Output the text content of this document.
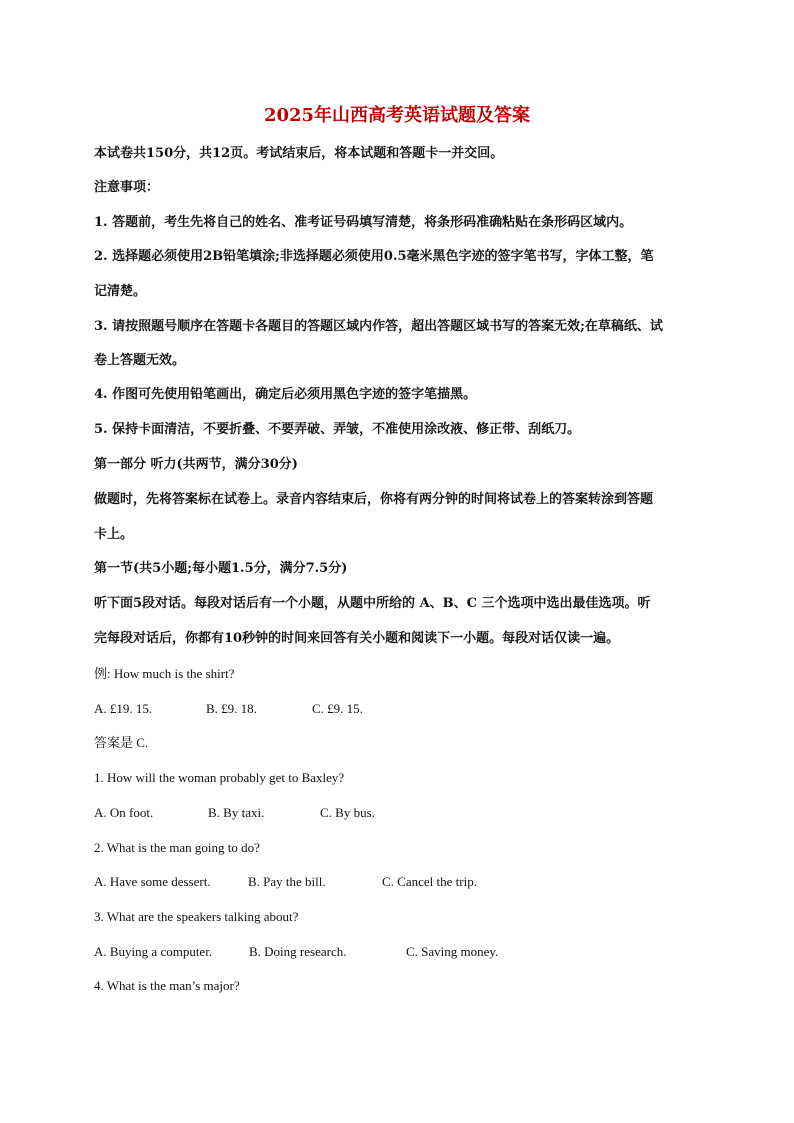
2025年山西高考英语试题及答案

本试卷共150分，共12页。考试结束后，将本试题和答题卡一并交回。

注意事项：

1. 答题前，考生先将自己的姓名、准考证号码填写清楚，将条形码准确粘贴在条形码区域内。

2. 选择题必须使用2B铅笔填涂;非选择题必须使用0.5毫米黑色字迹的签字笔书写，字体工整，笔

记清楚。

3. 请按照题号顺序在答题卡各题目的答题区域内作答，超出答题区域书写的答案无效;在草稿纸、试

卷上答题无效。

4. 作图可先使用铅笔画出，确定后必须用黑色字迹的签字笔描黑。

5. 保持卡面清洁，不要折叠、不要弄破、弄皱，不准使用涂改液、修正带、刮纸刀。

第一部分 听力(共两节，满分30分)

做题时，先将答案标在试卷上。录音内容结束后，你将有两分钟的时间将试卷上的答案转涂到答题

卡上。

第一节(共5小题;每小题1.5分，满分7.5分)

听下面5段对话。每段对话后有一个小题，从题中所给的 A、B、C 三个选项中选出最佳选项。听

完每段对话后，你都有10秒钟的时间来回答有关小题和阅读下一小题。每段对话仅读一遍。

例: How much is the shirt?

A. £19. 15.	B. £9. 18.	C. £9. 15.

答案是 C.

1. How will the woman probably get to Baxley?

A. On foot.	B. By taxi.	C. By bus.

2. What is the man going to do?

A. Have some dessert.	B. Pay the bill.	C. Cancel the trip.

3. What are the speakers talking about?

A. Buying a computer.	B. Doing research.	C. Saving money.

4. What is the man’s major?
